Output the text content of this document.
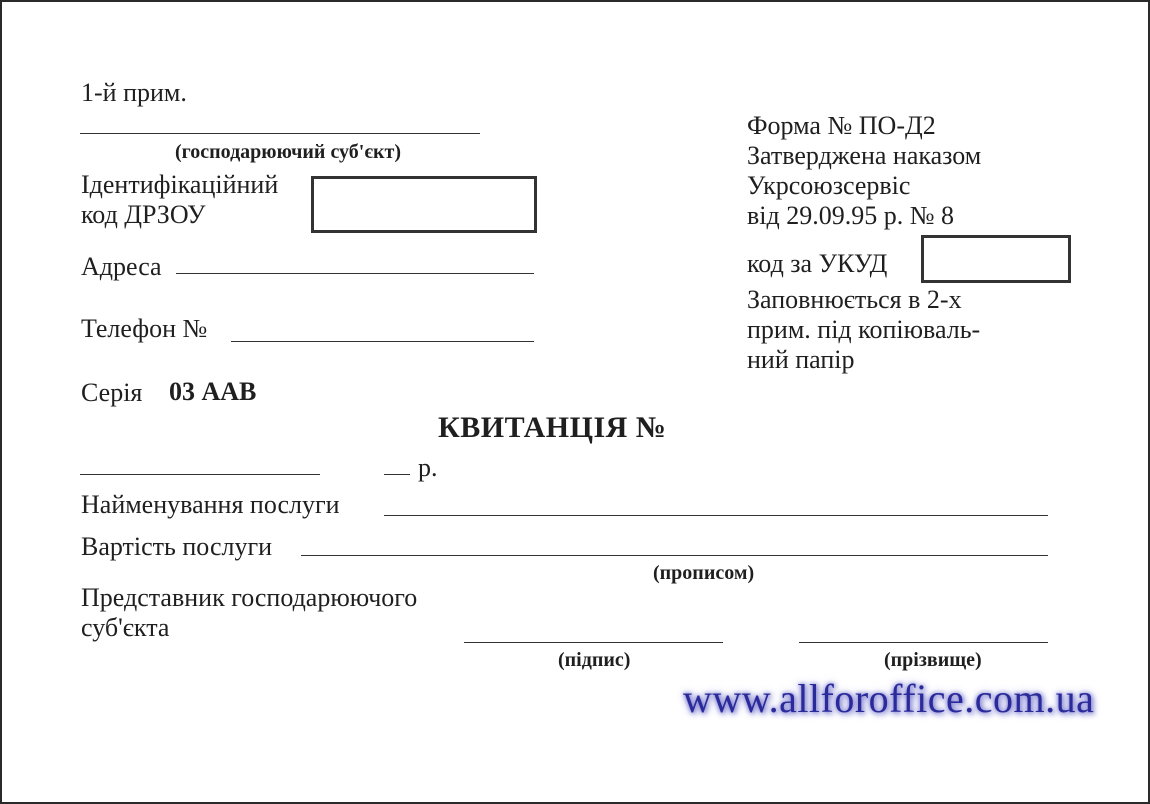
1-й прим.
(господарюючий суб'єкт)
Ідентифікаційний
код ДРЗОУ
Адреса
Телефон №
Серія 03 ААВ
Форма № ПО-Д2
Затверджена наказом
Укрсоюзсервіс
від 29.09.95 р. № 8
код за УКУД
Заповнюється в 2-х
прим. під копіюваль-
ний папір
КВИТАНЦІЯ №
р.
Найменування послуги
Вартість послуги
(прописом)
Представник господарюючого
суб'єкта
(підпис)	(прізвище)
www.allforoffice.com.ua
